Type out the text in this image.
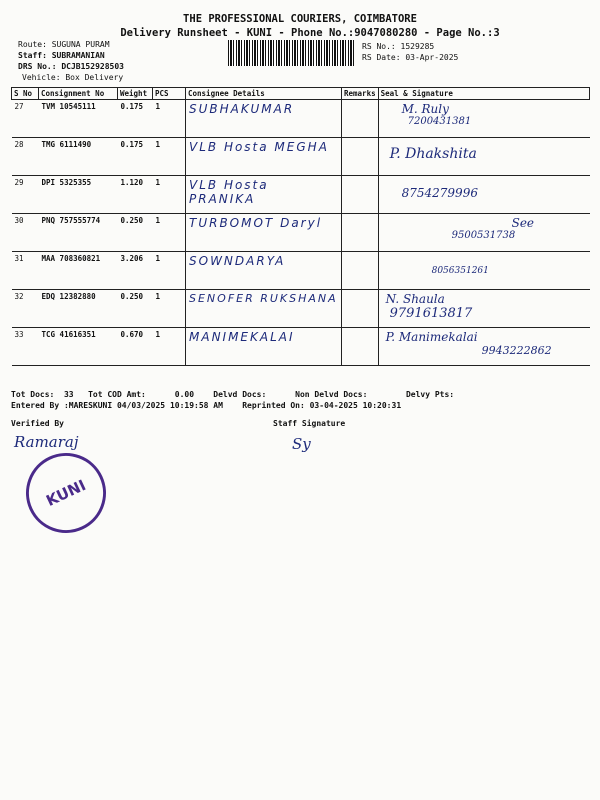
THE PROFESSIONAL COURIERS, COIMBATORE
Delivery Runsheet - KUNI - Phone No.:9047080280 - Page No.:3
Route: SUGUNA PURAM
Staff: SUBRAMANIAN
DRS No.: DCJB152928503
Vehicle: Box Delivery
RS No.: 1529285
RS Date: 03-Apr-2025
S No	Consignment No	Weight	PCS	Consignee Details	Remarks	Seal & Signature
27	TVM 10545111	0.175	1	SUBHAKUMAR		M. Ruly
7200431381

28	TMG 6111490	0.175	1	VLB Hosta MEGHA		P. Dhakshita

29	DPI 5325355	1.120	1	VLB Hosta PRANIKA		8754279996

30	PNQ 757555774	0.250	1	TURBOMOT Daryl		See
9500531738

31	MAA 708360821	3.206	1	SOWNDARYA		8056351261

32	EDQ 12382880	0.250	1	SENOFER RUKSHANA		N. Shaula
9791613817

33	TCG 41616351	0.670	1	MANIMEKALAI		P. Manimekalai
9943222862
Tot Docs:  33   Tot COD Amt:      0.00    Delvd Docs:      Non Delvd Docs:        Delvy Pts:
Entered By :MARESKUNI 04/03/2025 10:19:58 AM    Reprinted On: 03-04-2025 10:20:31
Verified By	Staff Signature
Ramaraj	Sy
KUNI
